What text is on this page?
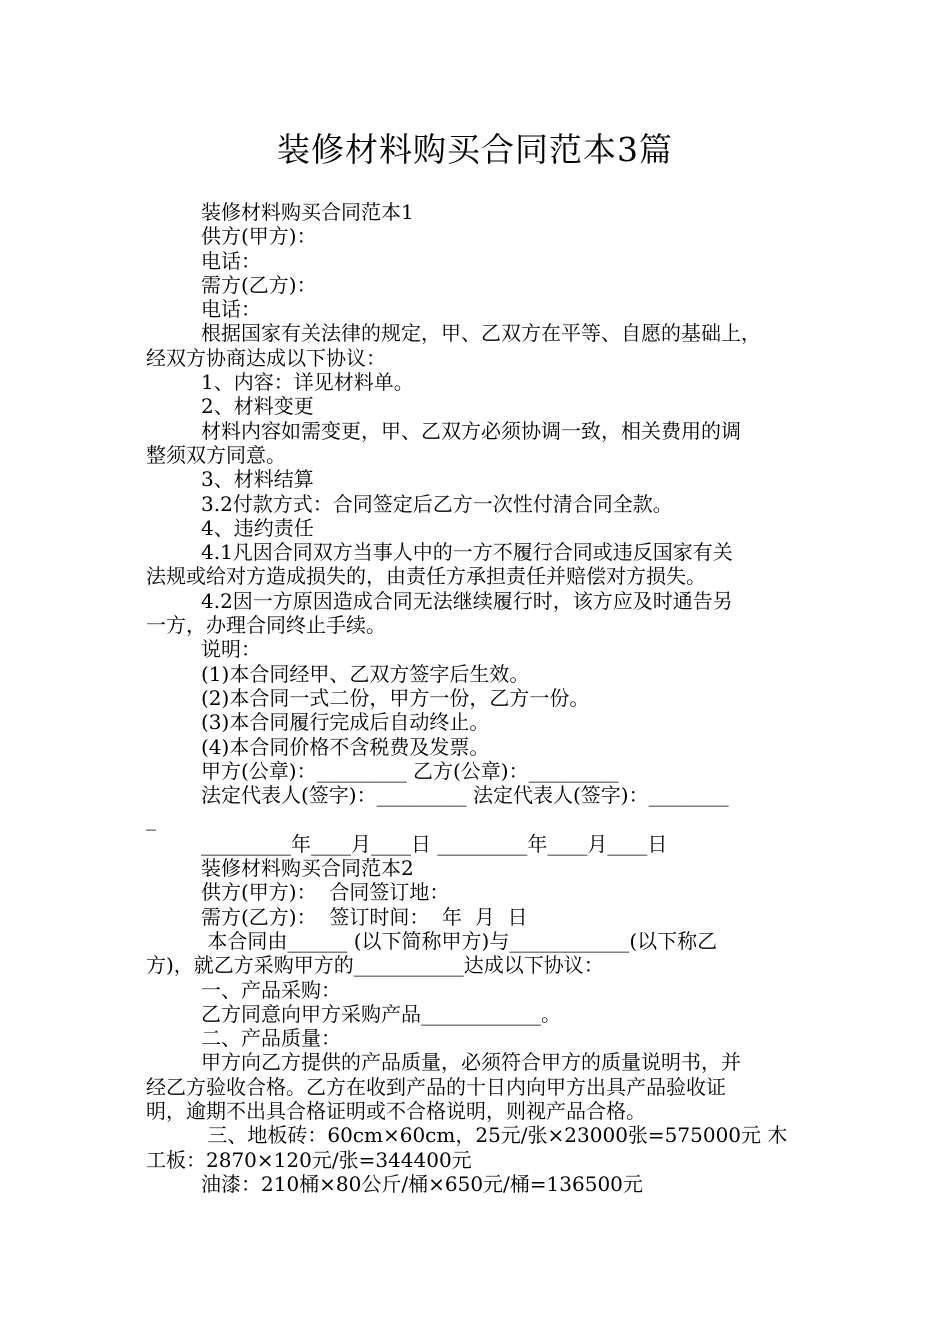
装修材料购买合同范本3篇
装修材料购买合同范本1
供方(甲方)：
电话：
需方(乙方)：
电话：
根据国家有关法律的规定，甲、乙双方在平等、自愿的基础上，
经双方协商达成以下协议：
1、内容：详见材料单。
2、材料变更
材料内容如需变更，甲、乙双方必须协调一致，相关费用的调
整须双方同意。
3、材料结算
3.2付款方式：合同签定后乙方一次性付清合同全款。
4、违约责任
4.1凡因合同双方当事人中的一方不履行合同或违反国家有关
法规或给对方造成损失的，由责任方承担责任并赔偿对方损失。
4.2因一方原因造成合同无法继续履行时，该方应及时通告另
一方，办理合同终止手续。
说明：
(1)本合同经甲、乙双方签字后生效。
(2)本合同一式二份，甲方一份，乙方一份。
(3)本合同履行完成后自动终止。
(4)本合同价格不含税费及发票。
甲方(公章)：_________ 乙方(公章)：_________
法定代表人(签字)：_________ 法定代表人(签字)：________
_
_________年____月____日 _________年____月____日
装修材料购买合同范本2
供方(甲方)：  合同签订地：
需方(乙方)：  签订时间：  年  月  日
本合同由______ (以下简称甲方)与____________(以下称乙
方)，就乙方采购甲方的___________达成以下协议：
一、产品采购：
乙方同意向甲方采购产品____________。
二、产品质量：
甲方向乙方提供的产品质量，必须符合甲方的质量说明书，并
经乙方验收合格。乙方在收到产品的十日内向甲方出具产品验收证
明，逾期不出具合格证明或不合格说明，则视产品合格。
三、地板砖：60cm×60cm，25元/张×23000张=575000元 木
工板：2870×120元/张=344400元
油漆：210桶×80公斤/桶×650元/桶=136500元
